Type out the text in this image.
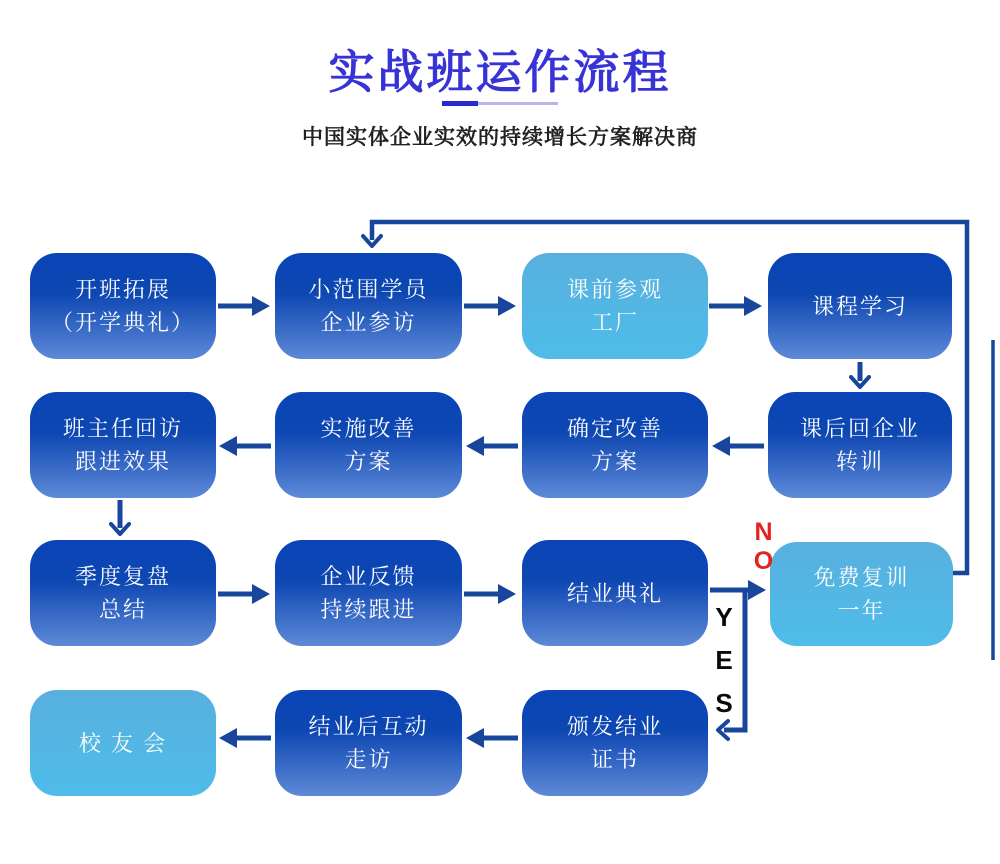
实战班运作流程
中国实体企业实效的持续增长方案解决商
开班拓展
（开学典礼）
小范围学员
企业参访
课前参观
工厂
课程学习
课后回企业
转训
确定改善
方案
实施改善
方案
班主任回访
跟进效果
季度复盘
总结
企业反馈
持续跟进
结业典礼
免费复训
一年
颁发结业
证书
结业后互动
走访
校 友 会
NO
YES
